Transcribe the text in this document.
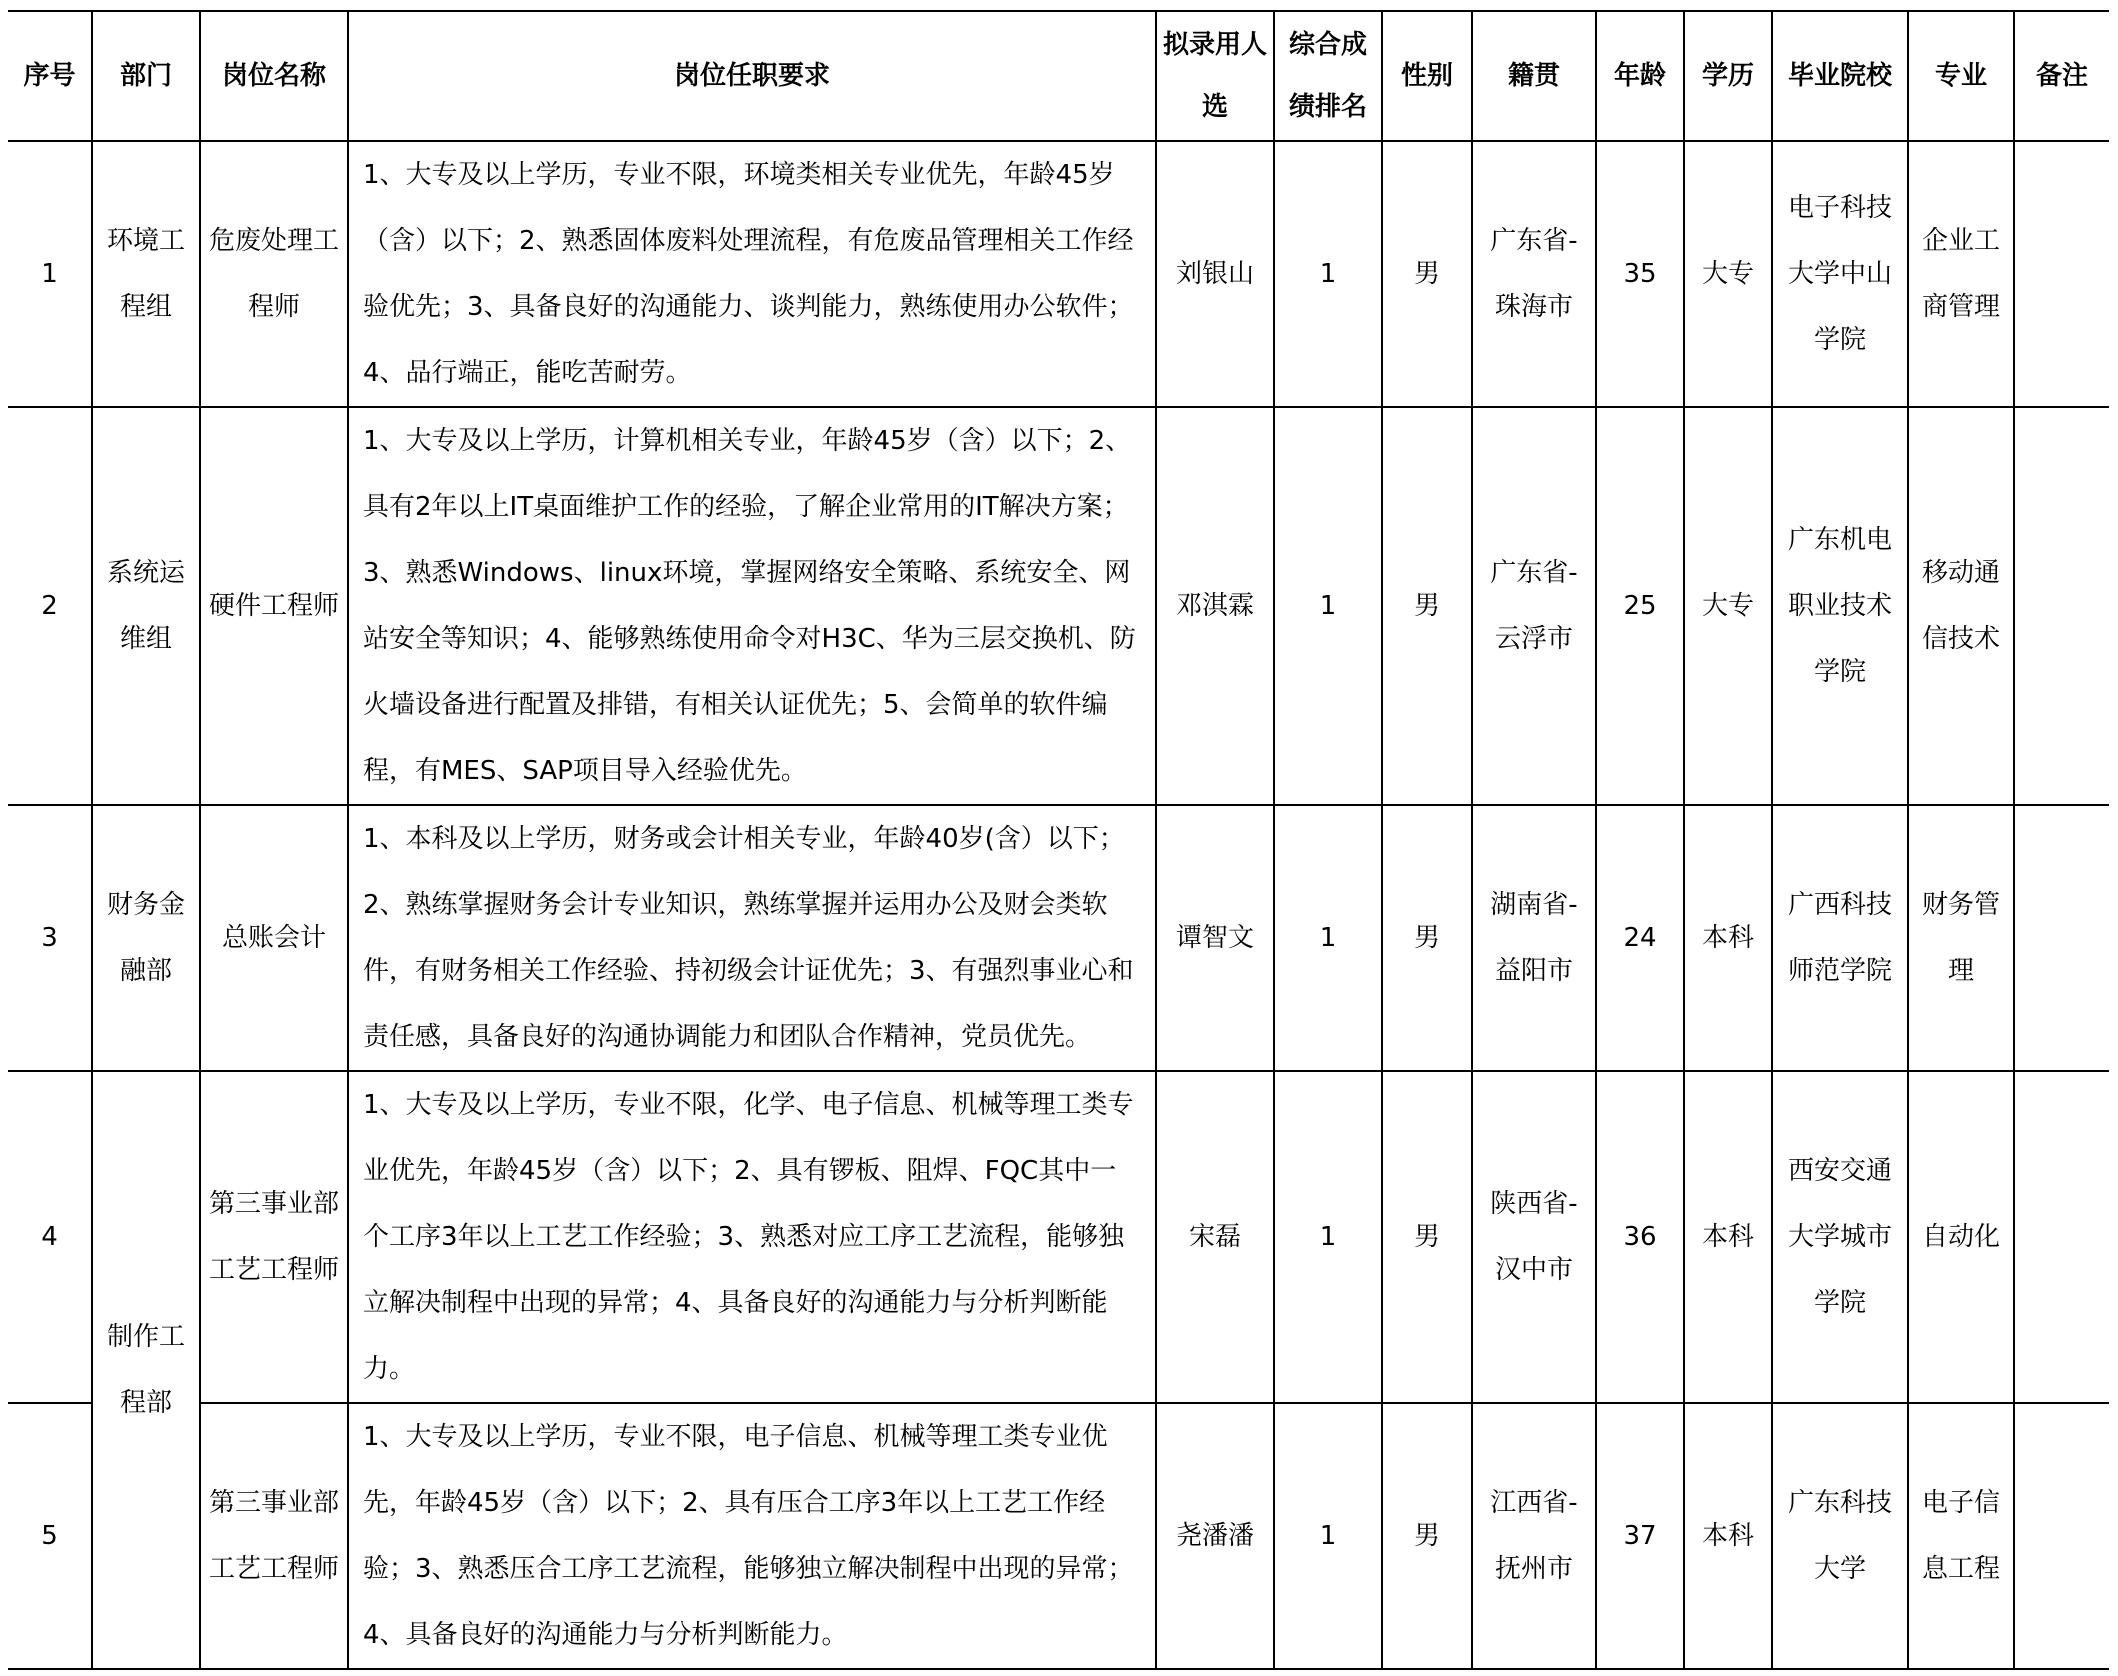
序号	部门	岗位名称	岗位任职要求	拟录用人选	综合成绩排名	性别	籍贯	年龄	学历	毕业院校	专业	备注
1	环境工程组	危废处理工程师	1、大专及以上学历，专业不限，环境类相关专业优先，年龄45岁（含）以下；2、熟悉固体废料处理流程，有危废品管理相关工作经验优先；3、具备良好的沟通能力、谈判能力，熟练使用办公软件；4、品行端正，能吃苦耐劳。	刘银山	1	男	广东省-珠海市	35	大专	电子科技大学中山学院	企业工商管理	
2	系统运维组	硬件工程师	1、大专及以上学历，计算机相关专业，年龄45岁（含）以下；2、具有2年以上IT桌面维护工作的经验，了解企业常用的IT解决方案；3、熟悉Windows、linux环境，掌握网络安全策略、系统安全、网站安全等知识；4、能够熟练使用命令对H3C、华为三层交换机、防火墙设备进行配置及排错，有相关认证优先；5、会简单的软件编程，有MES、SAP项目导入经验优先。	邓淇霖	1	男	广东省-云浮市	25	大专	广东机电职业技术学院	移动通信技术	
3	财务金融部	总账会计	1、本科及以上学历，财务或会计相关专业，年龄40岁(含）以下；2、熟练掌握财务会计专业知识，熟练掌握并运用办公及财会类软件，有财务相关工作经验、持初级会计证优先；3、有强烈事业心和责任感，具备良好的沟通协调能力和团队合作精神，党员优先。	谭智文	1	男	湖南省-益阳市	24	本科	广西科技师范学院	财务管理	
4	制作工程部	第三事业部工艺工程师	1、大专及以上学历，专业不限，化学、电子信息、机械等理工类专业优先，年龄45岁（含）以下；2、具有锣板、阻焊、FQC其中一个工序3年以上工艺工作经验；3、熟悉对应工序工艺流程，能够独立解决制程中出现的异常；4、具备良好的沟通能力与分析判断能力。	宋磊	1	男	陕西省-汉中市	36	本科	西安交通大学城市学院	自动化	
5		第三事业部工艺工程师	1、大专及以上学历，专业不限，电子信息、机械等理工类专业优先，年龄45岁（含）以下；2、具有压合工序3年以上工艺工作经验；3、熟悉压合工序工艺流程，能够独立解决制程中出现的异常；4、具备良好的沟通能力与分析判断能力。	尧潘潘	1	男	江西省-抚州市	37	本科	广东科技大学	电子信息工程	
